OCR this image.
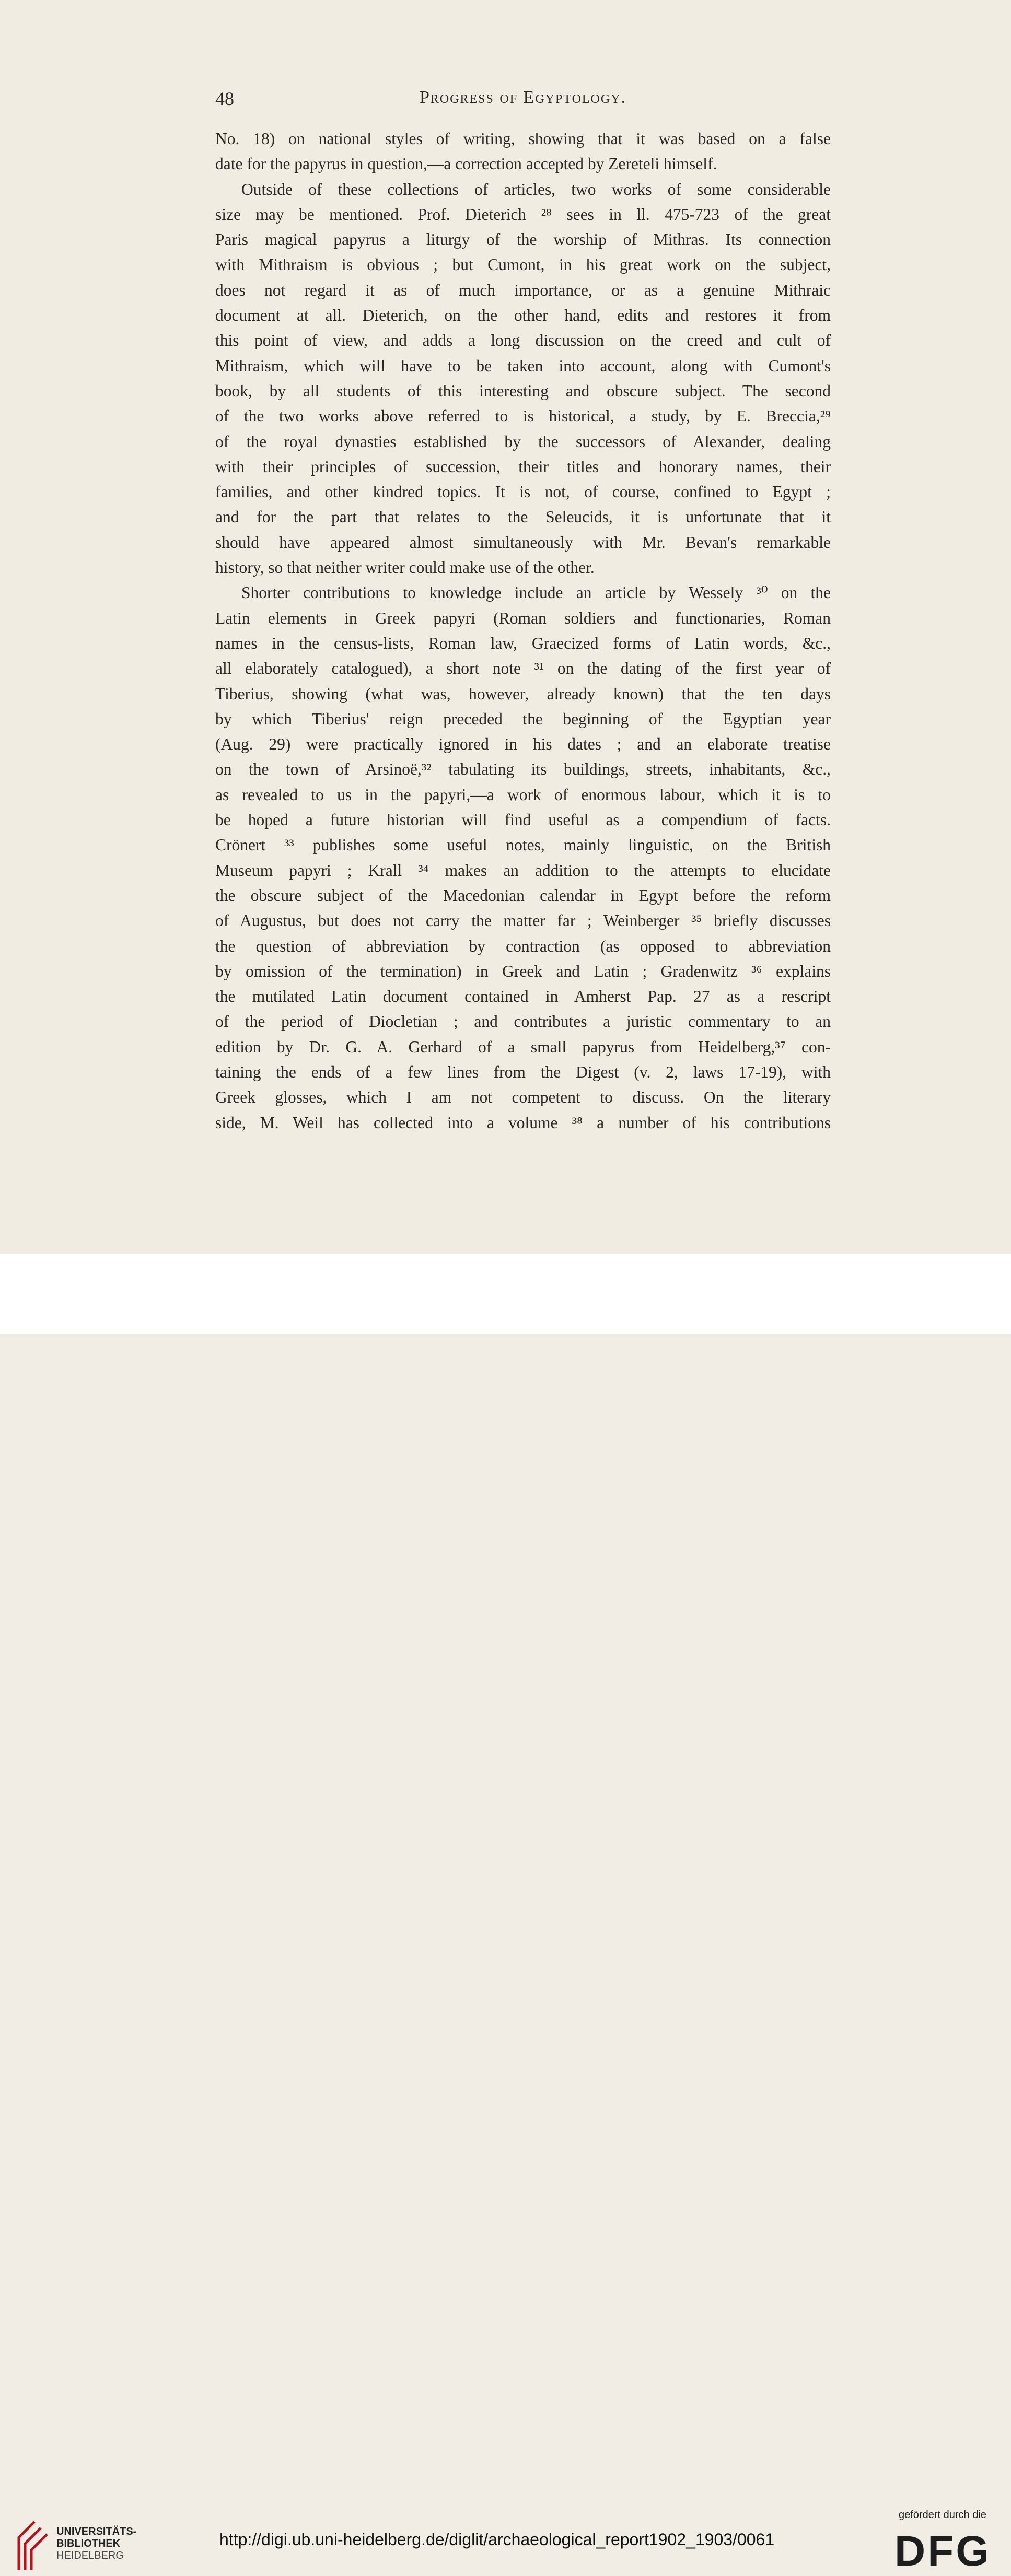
48	Progress of Egyptology.
No. 18) on national styles of writing, showing that it was based on a false
date for the papyrus in question,—a correction accepted by Zereteli himself.
Outside of these collections of articles, two works of some considerable
size may be mentioned. Prof. Dieterich ²⁸ sees in ll. 475-723 of the great
Paris magical papyrus a liturgy of the worship of Mithras. Its connection
with Mithraism is obvious ; but Cumont, in his great work on the subject,
does not regard it as of much importance, or as a genuine Mithraic
document at all. Dieterich, on the other hand, edits and restores it from
this point of view, and adds a long discussion on the creed and cult of
Mithraism, which will have to be taken into account, along with Cumont's
book, by all students of this interesting and obscure subject. The second
of the two works above referred to is historical, a study, by E. Breccia,²⁹
of the royal dynasties established by the successors of Alexander, dealing
with their principles of succession, their titles and honorary names, their
families, and other kindred topics. It is not, of course, confined to Egypt ;
and for the part that relates to the Seleucids, it is unfortunate that it
should have appeared almost simultaneously with Mr. Bevan's remarkable
history, so that neither writer could make use of the other.
Shorter contributions to knowledge include an article by Wessely ³⁰ on the
Latin elements in Greek papyri (Roman soldiers and functionaries, Roman
names in the census-lists, Roman law, Graecized forms of Latin words, &c.,
all elaborately catalogued), a short note ³¹ on the dating of the first year of
Tiberius, showing (what was, however, already known) that the ten days
by which Tiberius' reign preceded the beginning of the Egyptian year
(Aug. 29) were practically ignored in his dates ; and an elaborate treatise
on the town of Arsinoë,³² tabulating its buildings, streets, inhabitants, &c.,
as revealed to us in the papyri,—a work of enormous labour, which it is to
be hoped a future historian will find useful as a compendium of facts.
Crönert ³³ publishes some useful notes, mainly linguistic, on the British
Museum papyri ; Krall ³⁴ makes an addition to the attempts to elucidate
the obscure subject of the Macedonian calendar in Egypt before the reform
of Augustus, but does not carry the matter far ; Weinberger ³⁵ briefly discusses
the question of abbreviation by contraction (as opposed to abbreviation
by omission of the termination) in Greek and Latin ; Gradenwitz ³⁶ explains
the mutilated Latin document contained in Amherst Pap. 27 as a rescript
of the period of Diocletian ; and contributes a juristic commentary to an
edition by Dr. G. A. Gerhard of a small papyrus from Heidelberg,³⁷ con-
taining the ends of a few lines from the Digest (v. 2, laws 17-19), with
Greek glosses, which I am not competent to discuss. On the literary
side, M. Weil has collected into a volume ³⁸ a number of his contributions
UNIVERSITÄTS-
BIBLIOTHEK
HEIDELBERG
http://digi.ub.uni-heidelberg.de/diglit/archaeological_report1902_1903/0061
gefördert durch die
DFG
